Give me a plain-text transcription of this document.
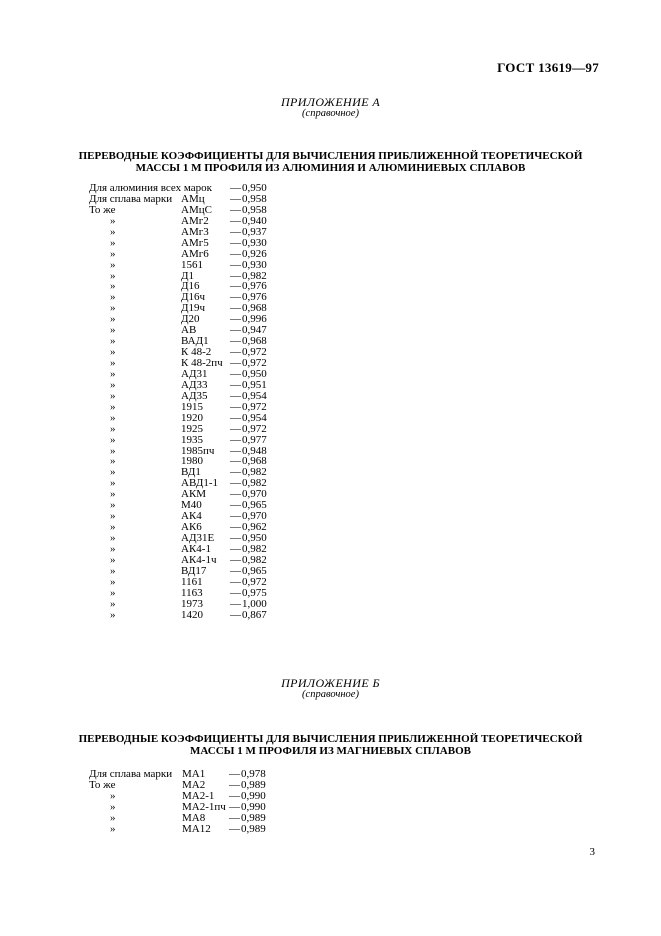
ГОСТ 13619—97
ПРИЛОЖЕНИЕ А
(справочное)
ПЕРЕВОДНЫЕ КОЭФФИЦИЕНТЫ ДЛЯ ВЫЧИСЛЕНИЯ ПРИБЛИЖЕННОЙ ТЕОРЕТИЧЕСКОЙ
МАССЫ 1 М ПРОФИЛЯ ИЗ АЛЮМИНИЯ И АЛЮМИНИЕВЫХ СПЛАВОВ
Для алюминия всех марок — 0,950
Для сплава марки АМц — 0,958
То же	АМцС — 0,958
»	АМг2 — 0,940
»	АМг3 — 0,937
»	АМг5 — 0,930
»	АМг6 — 0,926
»	1561 — 0,930
»	Д1	— 0,982
»	Д16	— 0,976
»	Д16ч — 0,976
»	Д19ч — 0,968
»	Д20	— 0,996
»	АВ	— 0,947
»	ВАД1 — 0,968
»	К 48-2 — 0,972
»	К 48-2пч — 0,972
»	АД31 — 0,950
»	АД33 — 0,951
»	АД35 — 0,954
»	1915 — 0,972
»	1920 — 0,954
»	1925 — 0,972
»	1935 — 0,977
»	1985пч — 0,948
»	1980 — 0,968
»	ВД1	— 0,982
»	АВД1-1 — 0,982
»	АКМ — 0,970
»	М40	— 0,965
»	АК4	— 0,970
»	АК6	— 0,962
»	АД31Е — 0,950
»	АК4-1 — 0,982
»	АК4-1ч — 0,982
»	ВД17 — 0,965
»	1161 — 0,972
»	1163 — 0,975
»	1973 — 1,000
»	1420 — 0,867
ПРИЛОЖЕНИЕ Б
(справочное)
ПЕРЕВОДНЫЕ КОЭФФИЦИЕНТЫ ДЛЯ ВЫЧИСЛЕНИЯ ПРИБЛИЖЕННОЙ ТЕОРЕТИЧЕСКОЙ
МАССЫ 1 М ПРОФИЛЯ ИЗ МАГНИЕВЫХ СПЛАВОВ
Для сплава марки МА1 — 0,978
То же	МА2 — 0,989
»	МА2-1 — 0,990
»	МА2-1пч — 0,990
»	МА8 — 0,989
»	МА12 — 0,989
3
